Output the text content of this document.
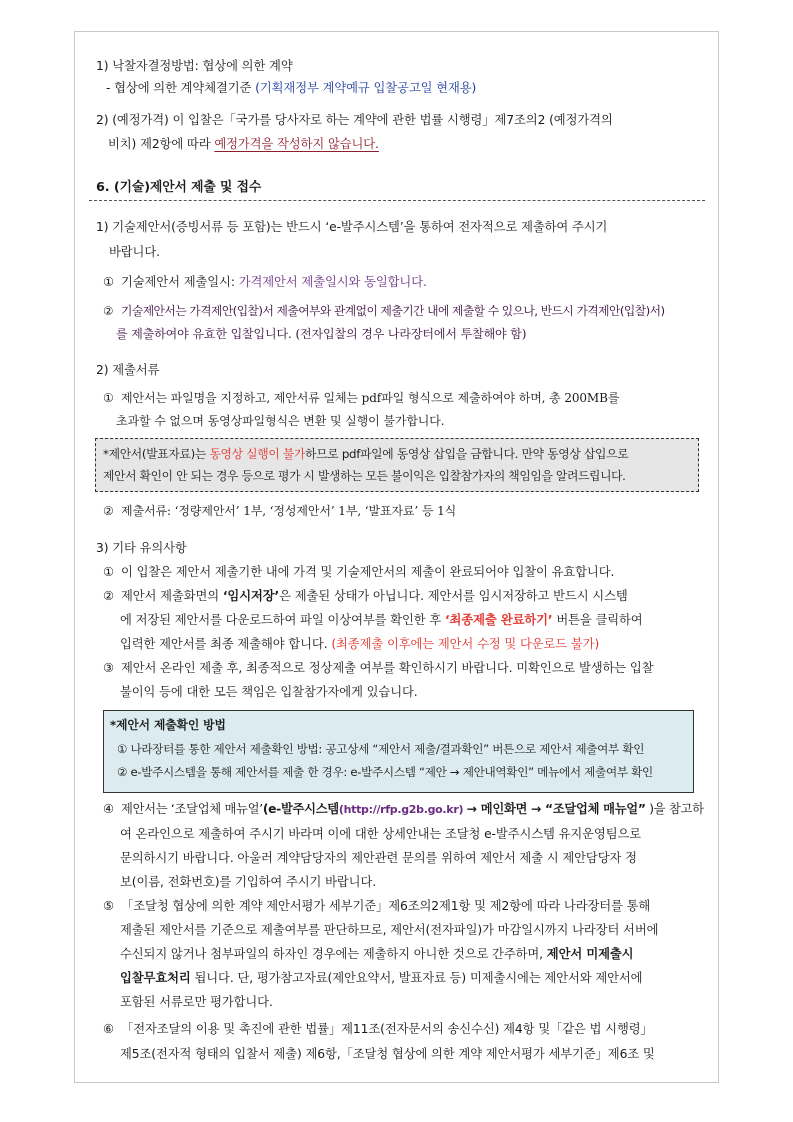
1) 낙찰자결정방법: 협상에 의한 계약
- 협상에 의한 계약체결기준 (기획재정부 계약예규 입찰공고일 현재용)
2) (예정가격) 이 입찰은「국가를 당사자로 하는 계약에 관한 법률 시행령」제7조의2 (예정가격의
비치) 제2항에 따라 예정가격을 작성하지 않습니다.
6. (기술)제안서 제출 및 접수
1) 기술제안서(증빙서류 등 포함)는 반드시 ‘e-발주시스템’을 통하여 전자적으로 제출하여 주시기
바랍니다.
① 기술제안서 제출일시: 가격제안서 제출일시와 동일합니다.
② 기술제안서는 가격제안(입찰)서 제출여부와 관계없이 제출기간 내에 제출할 수 있으나, 반드시 가격제안(입찰)서)
를 제출하여야 유효한 입찰입니다. (전자입찰의 경우 나라장터에서 투찰해야 함)
2) 제출서류
① 제안서는 파일명을 지정하고, 제안서류 일체는 pdf파일 형식으로 제출하여야 하며, 총 200MB를
초과할 수 없으며 동영상파일형식은 변환 및 실행이 불가합니다.
*제안서(발표자료)는 동영상 실행이 불가하므로 pdf파일에 동영상 삽입을 금합니다. 만약 동영상 삽입으로
제안서 확인이 안 되는 경우 등으로 평가 시 발생하는 모든 불이익은 입찰참가자의 책임임을 알려드립니다.
② 제출서류: ‘정량제안서’ 1부, ‘정성제안서’ 1부, ‘발표자료’ 등 1식
3) 기타 유의사항
① 이 입찰은 제안서 제출기한 내에 가격 및 기술제안서의 제출이 완료되어야 입찰이 유효합니다.
② 제안서 제출화면의 ‘임시저장’은 제출된 상태가 아닙니다. 제안서를 임시저장하고 반드시 시스템
에 저장된 제안서를 다운로드하여 파일 이상여부를 확인한 후 ‘최종제출 완료하기’ 버튼을 클릭하여
입력한 제안서를 최종 제출해야 합니다. (최종제출 이후에는 제안서 수정 및 다운로드 불가)
③ 제안서 온라인 제출 후, 최종적으로 정상제출 여부를 확인하시기 바랍니다. 미확인으로 발생하는 입찰
불이익 등에 대한 모든 책임은 입찰참가자에게 있습니다.
*제안서 제출확인 방법
① 나라장터를 통한 제안서 제출확인 방법: 공고상세 “제안서 제출/결과확인” 버튼으로 제안서 제출여부 확인
② e-발주시스템을 통해 제안서를 제출 한 경우: e-발주시스템 “제안 → 제안내역확인” 메뉴에서 제출여부 확인
④ 제안서는 ‘조달업체 매뉴얼’(e-발주시스템(http://rfp.g2b.go.kr) → 메인화면 → “조달업체 매뉴얼” )을 참고하
여 온라인으로 제출하여 주시기 바라며 이에 대한 상세안내는 조달청 e-발주시스템 유지운영팀으로
문의하시기 바랍니다. 아울러 계약담당자의 제안관련 문의를 위하여 제안서 제출 시 제안담당자 정
보(이름, 전화번호)를 기입하여 주시기 바랍니다.
⑤ 「조달청 협상에 의한 계약 제안서평가 세부기준」제6조의2제1항 및 제2항에 따라 나라장터를 통해
제출된 제안서를 기준으로 제출여부를 판단하므로, 제안서(전자파일)가 마감일시까지 나라장터 서버에
수신되지 않거나 첨부파일의 하자인 경우에는 제출하지 아니한 것으로 간주하며, 제안서 미제출시
입찰무효처리 됩니다. 단, 평가참고자료(제안요약서, 발표자료 등) 미제출시에는 제안서와 제안서에
포함된 서류로만 평가합니다.
⑥ 「전자조달의 이용 및 촉진에 관한 법률」제11조(전자문서의 송신수신) 제4항 및「같은 법 시행령」
제5조(전자적 형태의 입찰서 제출) 제6항,「조달청 협상에 의한 계약 제안서평가 세부기준」제6조 및
